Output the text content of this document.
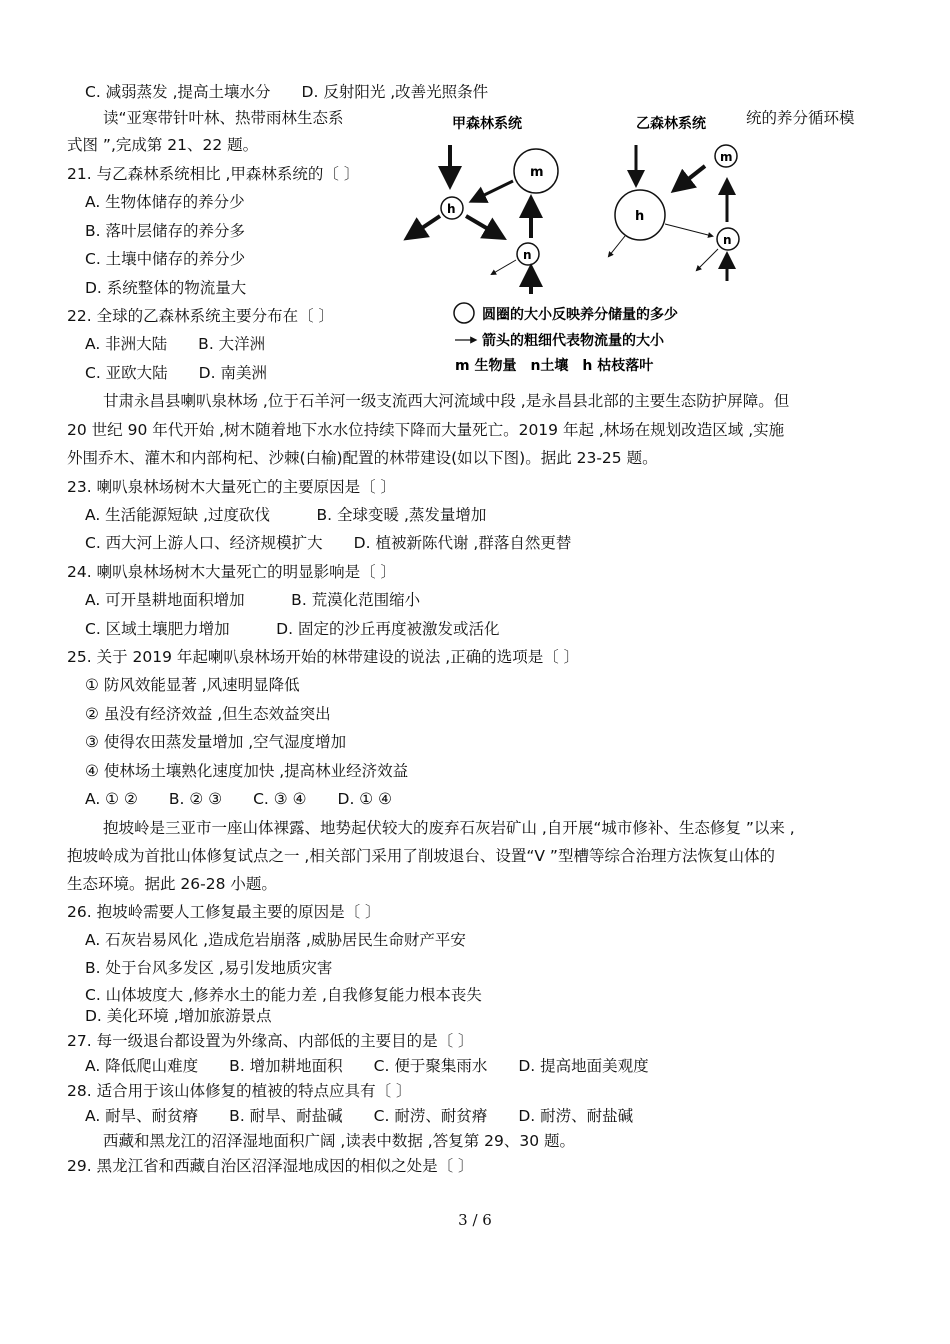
C. 减弱蒸发 ,提高土壤水分　　D. 反射阳光 ,改善光照条件
读“亚寒带针叶林、热带雨林生态系	统的养分循环模
式图 ”,完成第 21、22 题。
21. 与乙森林系统相比 ,甲森林系统的〔 〕
A. 生物体储存的养分少
B. 落叶层储存的养分多
C. 土壤中储存的养分少
D. 系统整体的物流量大
22. 全球的乙森林系统主要分布在〔 〕
A. 非洲大陆　　B. 大洋洲
C. 亚欧大陆　　D. 南美洲
甘肃永昌县喇叭泉林场 ,位于石羊河一级支流西大河流域中段 ,是永昌县北部的主要生态防护屏障。但
20 世纪 90 年代开始 ,树木随着地下水水位持续下降而大量死亡。2019 年起 ,林场在规划改造区域 ,实施
外围乔木、灌木和内部枸杞、沙棘(白榆)配置的林带建设(如以下图)。据此 23-25 题。
23. 喇叭泉林场树木大量死亡的主要原因是〔 〕
A. 生活能源短缺 ,过度砍伐　　　B. 全球变暖 ,蒸发量增加
C. 西大河上游人口、经济规模扩大　　D. 植被新陈代谢 ,群落自然更替
24. 喇叭泉林场树木大量死亡的明显影响是〔 〕
A. 可开垦耕地面积增加　　　B. 荒漠化范围缩小
C. 区域土壤肥力增加　　　D. 固定的沙丘再度被激发或活化
25. 关于 2019 年起喇叭泉林场开始的林带建设的说法 ,正确的选项是〔 〕
① 防风效能显著 ,风速明显降低
② 虽没有经济效益 ,但生态效益突出
③ 使得农田蒸发量增加 ,空气湿度增加
④ 使林场土壤熟化速度加快 ,提高林业经济效益
A. ① ②　　B. ② ③　　C. ③ ④　　D. ① ④
抱坡岭是三亚市一座山体裸露、地势起伏较大的废弃石灰岩矿山 ,自开展“城市修补、生态修复 ”以来 ,
抱坡岭成为首批山体修复试点之一 ,相关部门采用了削坡退台、设置“V ”型槽等综合治理方法恢复山体的
生态环境。据此 26-28 小题。
26. 抱坡岭需要人工修复最主要的原因是〔 〕
A. 石灰岩易风化 ,造成危岩崩落 ,威胁居民生命财产平安
B. 处于台风多发区 ,易引发地质灾害
C. 山体坡度大 ,修养水土的能力差 ,自我修复能力根本丧失
D. 美化环境 ,增加旅游景点
27. 每一级退台都设置为外缘高、内部低的主要目的是〔 〕
A. 降低爬山难度　　B. 增加耕地面积　　C. 便于聚集雨水　　D. 提高地面美观度
28. 适合用于该山体修复的植被的特点应具有〔 〕
A. 耐旱、耐贫瘠　　B. 耐旱、耐盐碱　　C. 耐涝、耐贫瘠　　D. 耐涝、耐盐碱
西藏和黑龙江的沼泽湿地面积广阔 ,读表中数据 ,答复第 29、30 题。
29. 黑龙江省和西藏自治区沼泽湿地成因的相似之处是〔 〕
甲森林系统	乙森林系统
m
h
n
m
h
n
圆圈的大小反映养分储量的多少
箭头的粗细代表物流量的大小
m 生物量　n土壤　h 枯枝落叶
3 / 6
